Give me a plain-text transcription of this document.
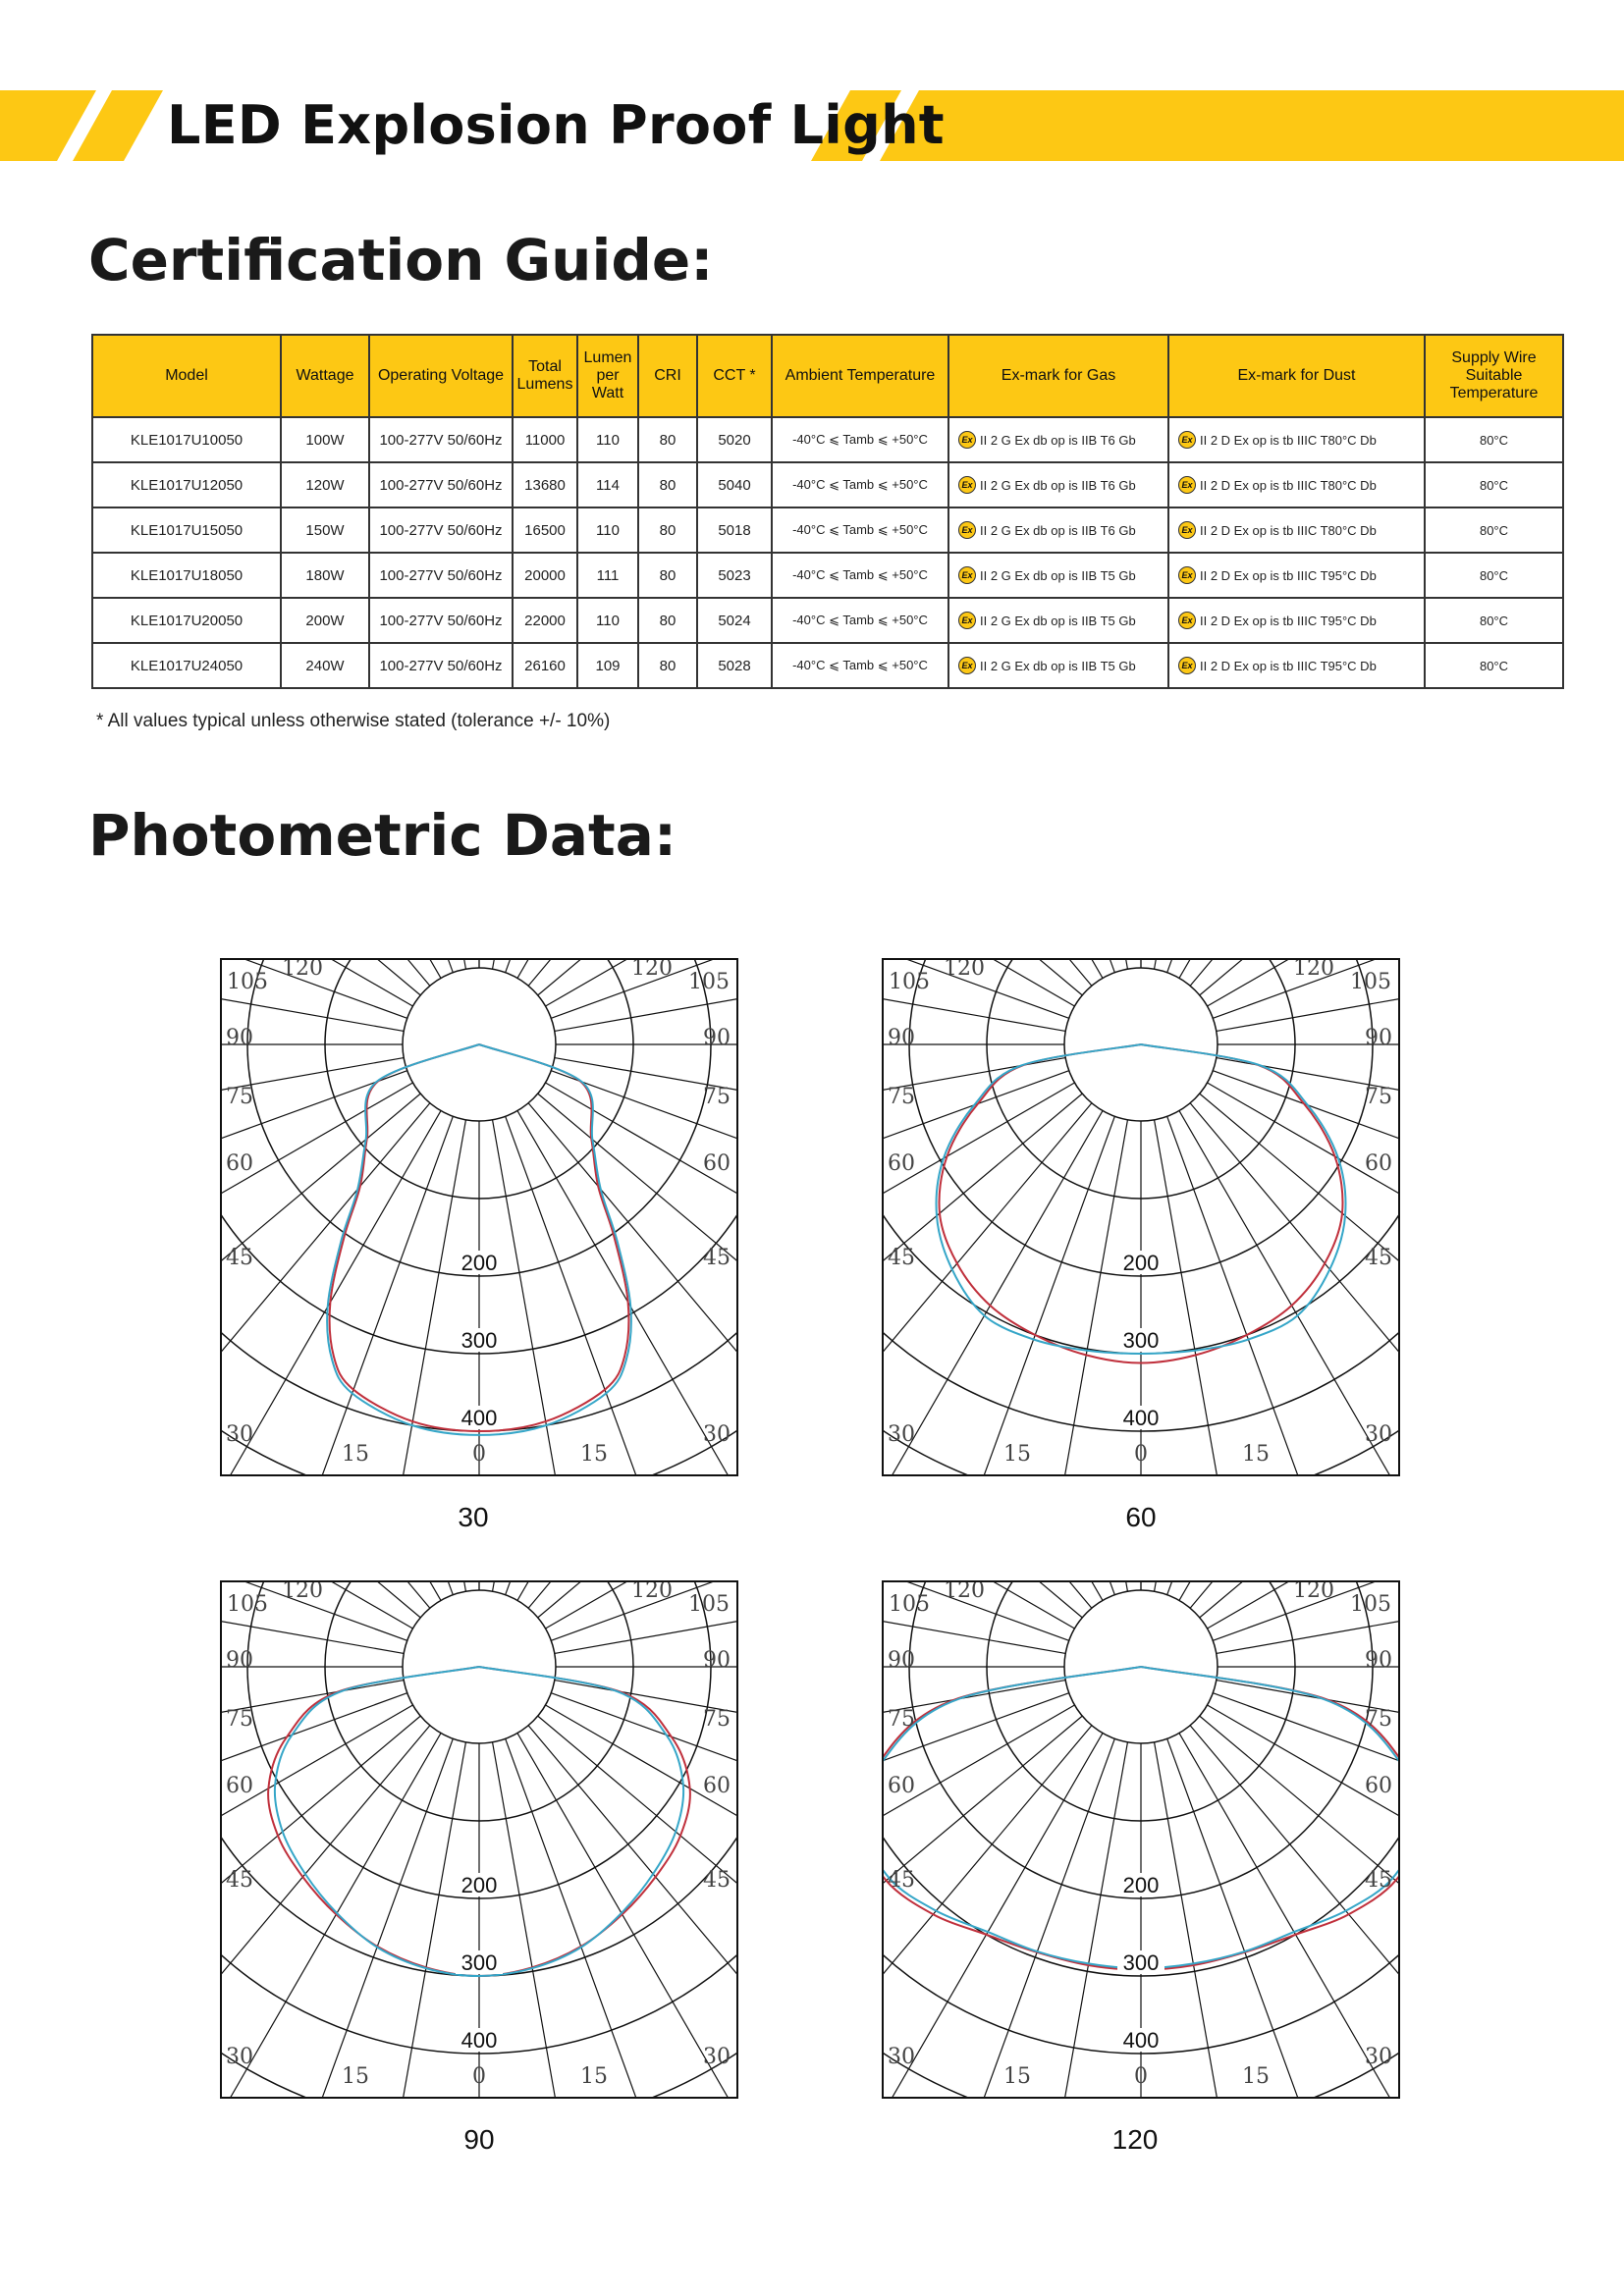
LED Explosion Proof Light
Certification Guide:
Model	Wattage	Operating Voltage	Total Lumens	Lumen per Watt	CRI	CCT *	Ambient Temperature	Ex-mark for Gas	Ex-mark for Dust	Supply Wire Suitable Temperature
KLE1017U10050	100W	100-277V 50/60Hz	11000	110	80	5020	-40°C ⩽ Tamb ⩽ +50°C	Ex II 2 G Ex db op is IIB T6 Gb	Ex II 2 D Ex op is tb IIIC T80°C Db	80°C
KLE1017U12050	120W	100-277V 50/60Hz	13680	114	80	5040	-40°C ⩽ Tamb ⩽ +50°C	Ex II 2 G Ex db op is IIB T6 Gb	Ex II 2 D Ex op is tb IIIC T80°C Db	80°C
KLE1017U15050	150W	100-277V 50/60Hz	16500	110	80	5018	-40°C ⩽ Tamb ⩽ +50°C	Ex II 2 G Ex db op is IIB T6 Gb	Ex II 2 D Ex op is tb IIIC T80°C Db	80°C
KLE1017U18050	180W	100-277V 50/60Hz	20000	111	80	5023	-40°C ⩽ Tamb ⩽ +50°C	Ex II 2 G Ex db op is IIB T5 Gb	Ex II 2 D Ex op is tb IIIC T95°C Db	80°C
KLE1017U20050	200W	100-277V 50/60Hz	22000	110	80	5024	-40°C ⩽ Tamb ⩽ +50°C	Ex II 2 G Ex db op is IIB T5 Gb	Ex II 2 D Ex op is tb IIIC T95°C Db	80°C
KLE1017U24050	240W	100-277V 50/60Hz	26160	109	80	5028	-40°C ⩽ Tamb ⩽ +50°C	Ex II 2 G Ex db op is IIB T5 Gb	Ex II 2 D Ex op is tb IIIC T95°C Db	80°C
* All values typical unless otherwise stated (tolerance +/- 10%)
Photometric Data:
200
300
400
0
15	15
30	30
45	45
60	60
75	75
90	90
105	105
120	120
30
200
300
400
0
15	15
30	30
45	45
60	60
75	75
90	90
105	105
120	120
60
200
300
400
0
15	15
30	30
45	45
60	60
75	75
90	90
105	105
120	120
90
200
300
400
0
15	15
30	30
45	45
60	60
75	75
90	90
105	105
120	120
120
